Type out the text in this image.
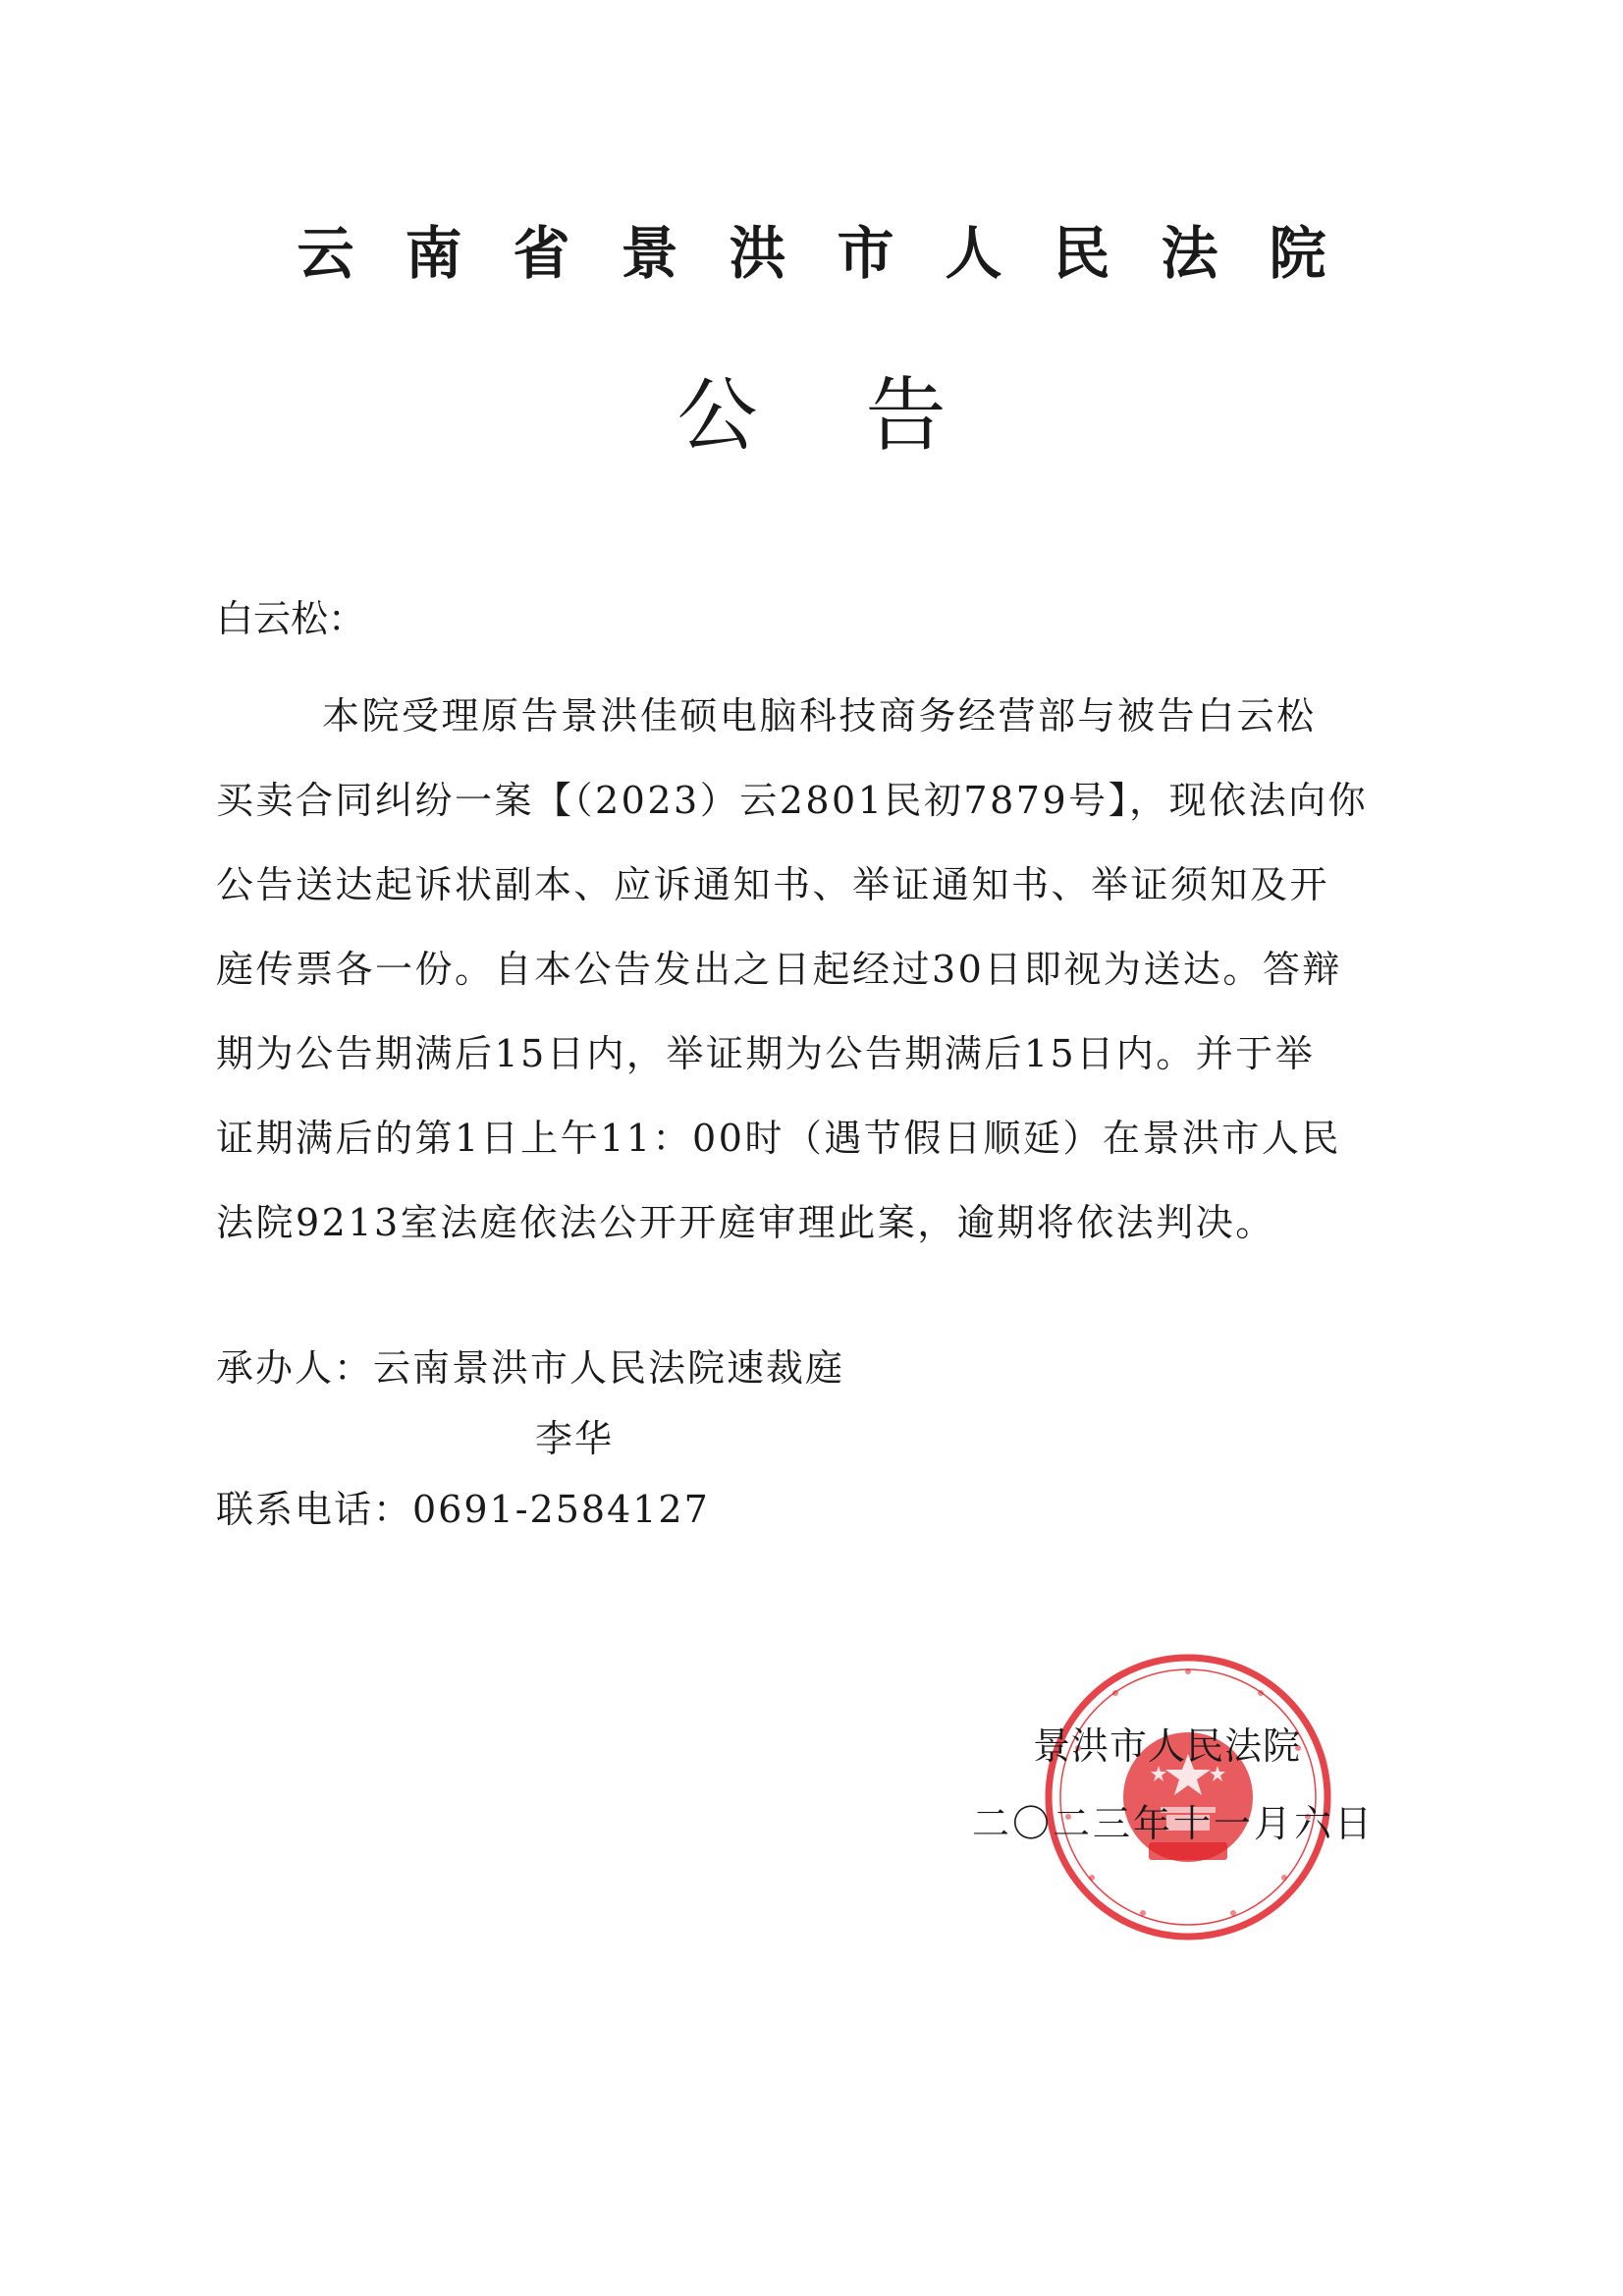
云南省景洪市人民法院
公告
白云松：
本院受理原告景洪佳硕电脑科技商务经营部与被告白云松
买卖合同纠纷一案【（2023）云2801民初7879号】，现依法向你
公告送达起诉状副本、应诉通知书、举证通知书、举证须知及开
庭传票各一份。自本公告发出之日起经过30日即视为送达。答辩
期为公告期满后15日内，举证期为公告期满后15日内。并于举
证期满后的第1日上午11：00时（遇节假日顺延）在景洪市人民
法院9213室法庭依法公开开庭审理此案，逾期将依法判决。
承办人：云南景洪市人民法院速裁庭
李华
联系电话：0691-2584127
景洪市人民法院
二〇二三年十一月六日
